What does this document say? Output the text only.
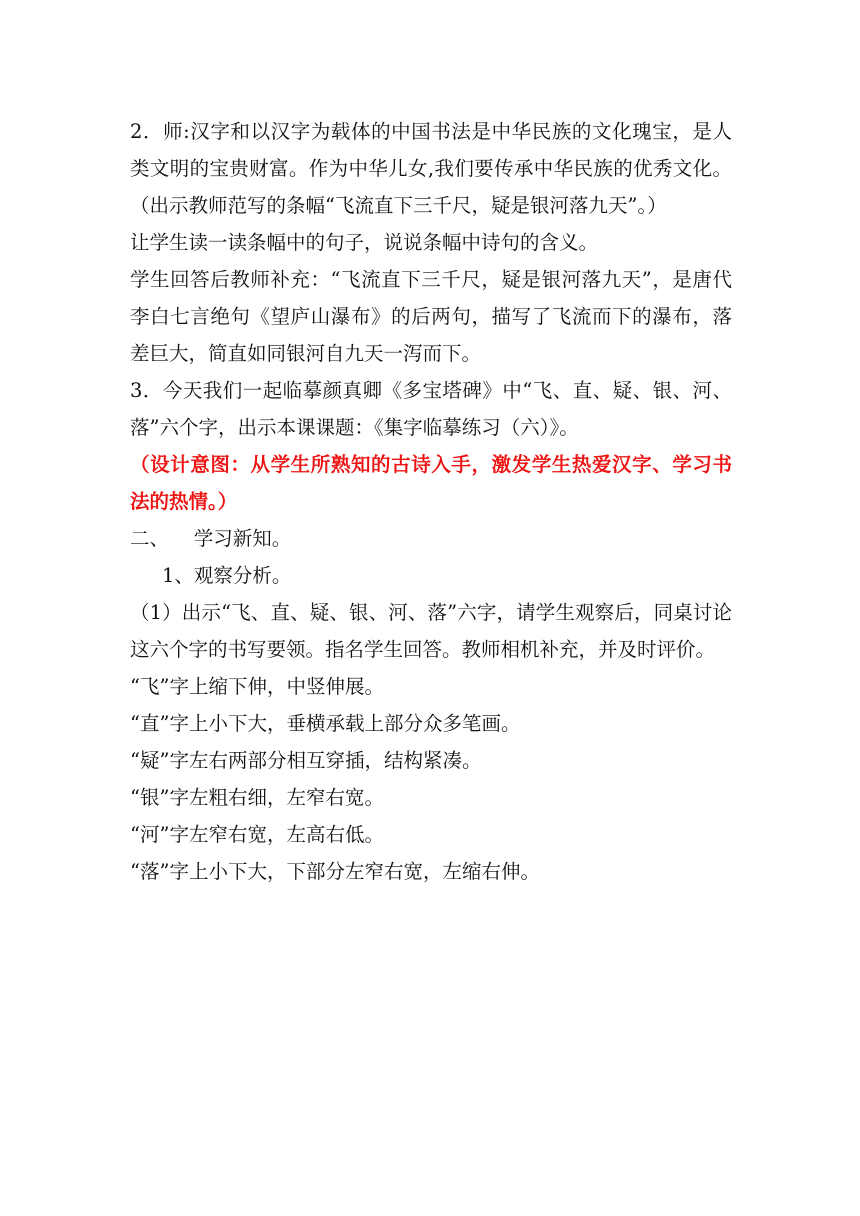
2．师:汉字和以汉字为载体的中国书法是中华民族的文化瑰宝，是人类文明的宝贵财富。作为中华儿女,我们要传承中华民族的优秀文化。（出示教师范写的条幅“飞流直下三千尺，疑是银河落九天”。）

让学生读一读条幅中的句子，说说条幅中诗句的含义。

学生回答后教师补充：“飞流直下三千尺，疑是银河落九天”，是唐代李白七言绝句《望庐山瀑布》的后两句，描写了飞流而下的瀑布，落差巨大，简直如同银河自九天一泻而下。

3．今天我们一起临摹颜真卿《多宝塔碑》中“飞、直、疑、银、河、落”六个字，出示本课课题：《集字临摹练习（六）》。

（设计意图：从学生所熟知的古诗入手，激发学生热爱汉字、学习书法的热情。）

二、    学习新知。

1、观察分析。

（1）出示“飞、直、疑、银、河、落”六字，请学生观察后，同桌讨论这六个字的书写要领。指名学生回答。教师相机补充，并及时评价。

“飞”字上缩下伸，中竖伸展。

“直”字上小下大，垂横承载上部分众多笔画。

“疑”字左右两部分相互穿插，结构紧凑。

“银”字左粗右细，左窄右宽。

“河”字左窄右宽，左高右低。

“落”字上小下大，下部分左窄右宽，左缩右伸。
